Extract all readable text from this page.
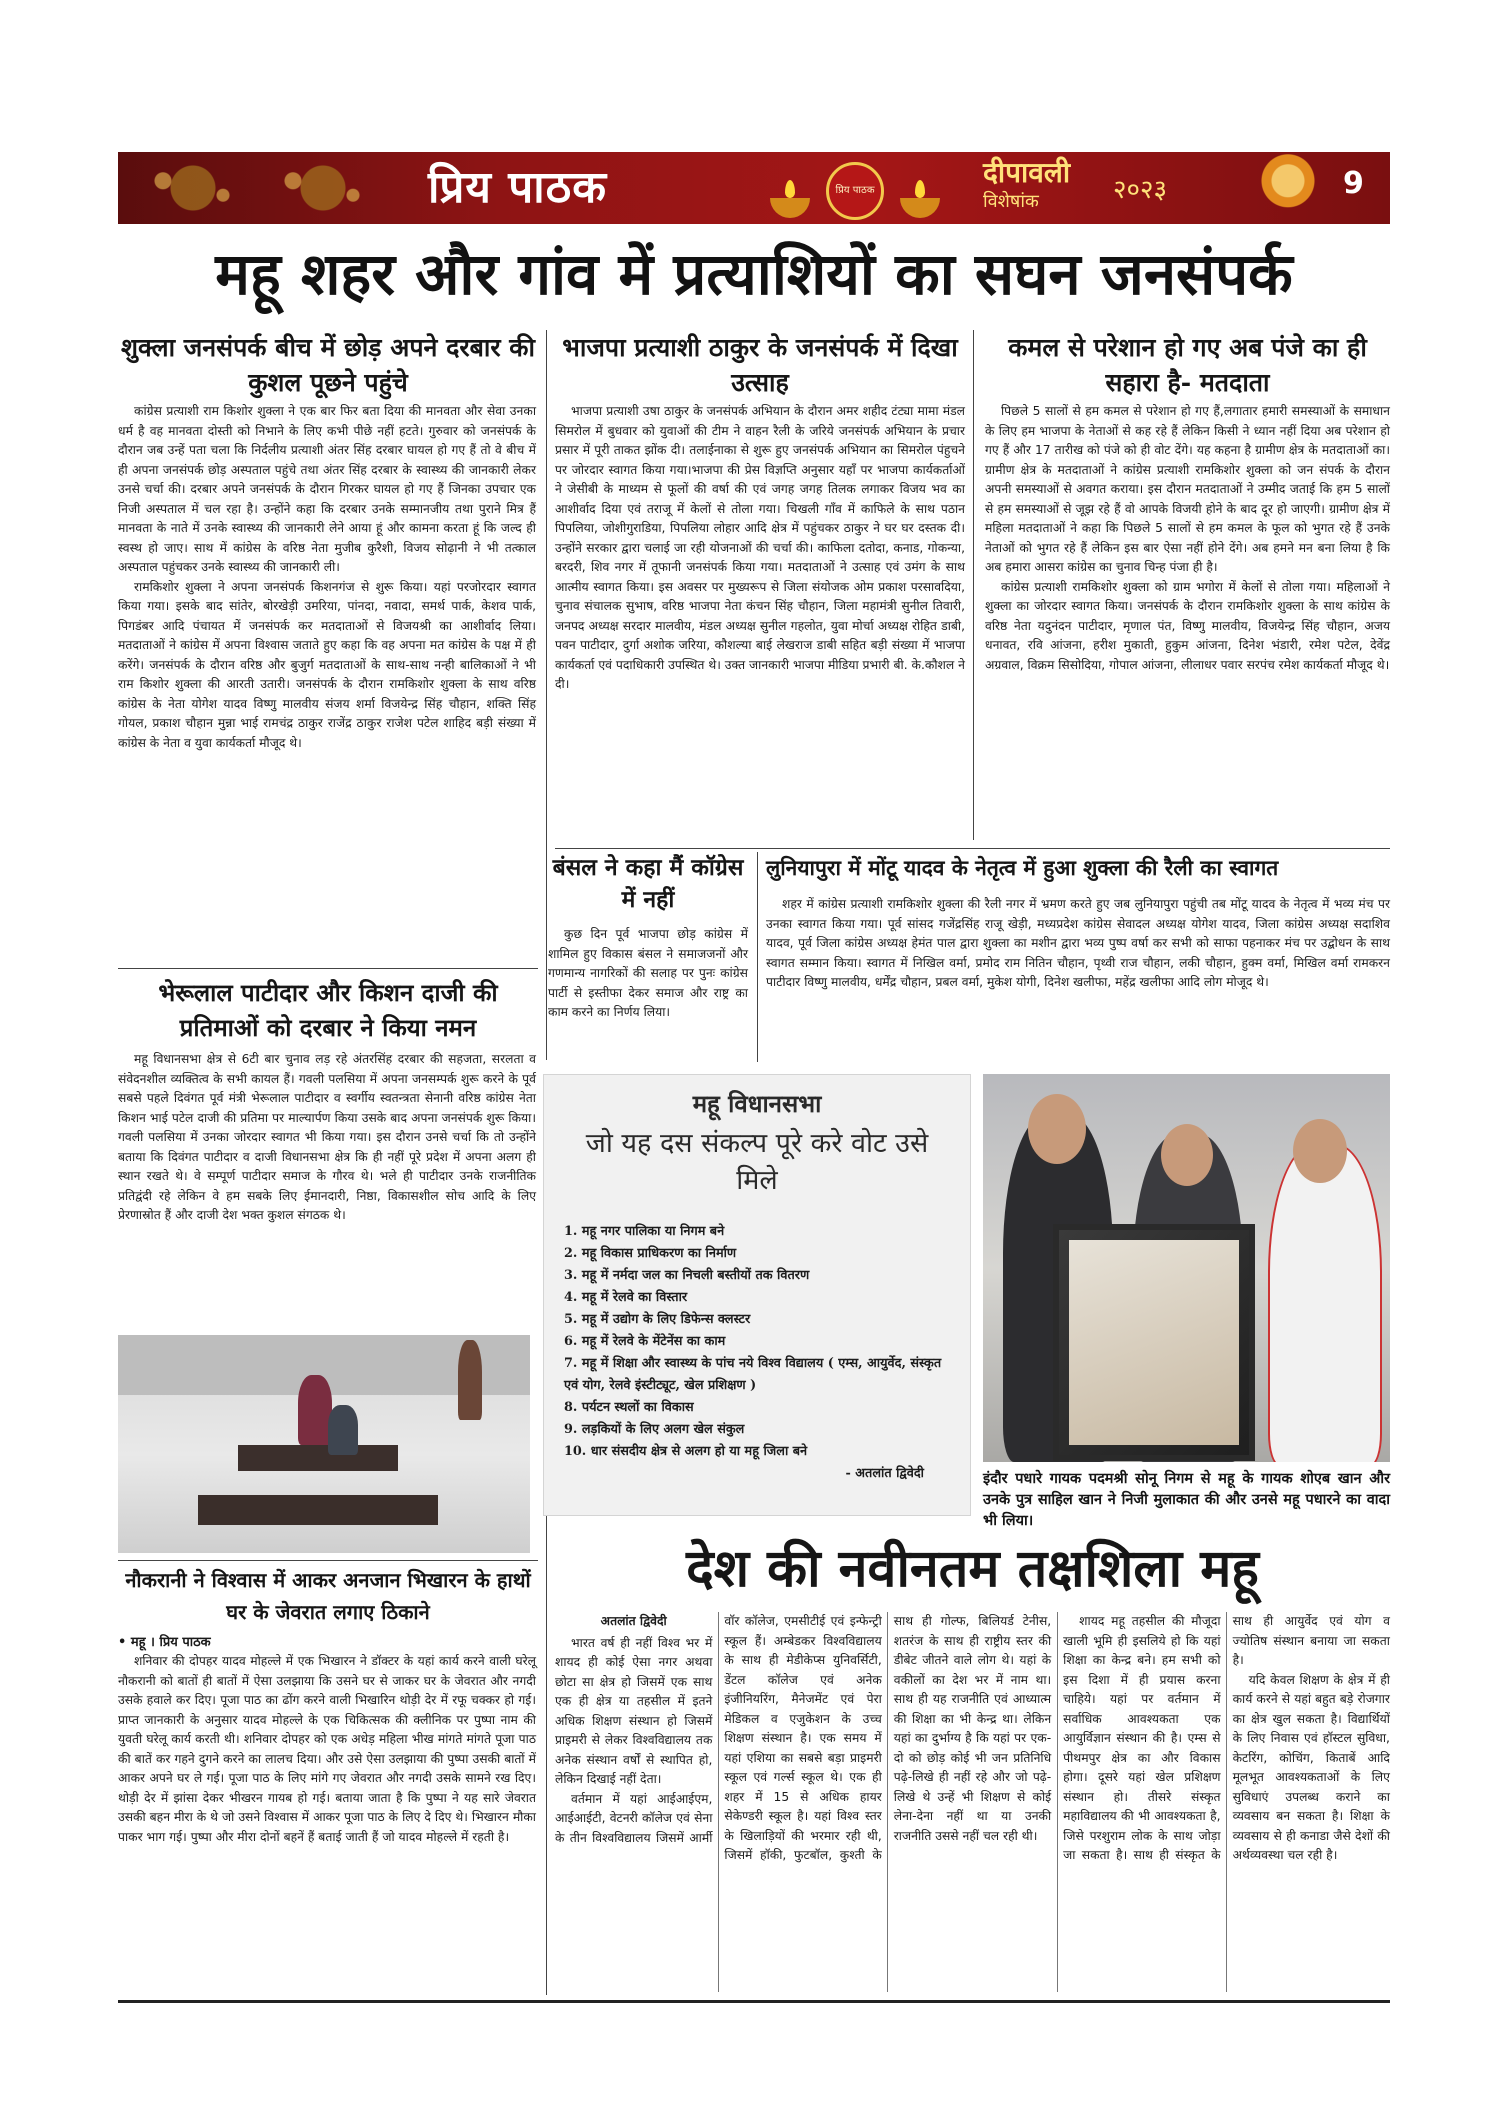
प्रिय पाठक	प्रिय पाठक
दीपावली
विशेषांक	२०२३	9
महू शहर और गांव में प्रत्याशियों का सघन जनसंपर्क
शुक्ला जनसंपर्क बीच में छोड़ अपने दरबार की कुशल पूछने पहुंचे

कांग्रेस प्रत्याशी राम किशोर शुक्ला ने एक बार फिर बता दिया की मानवता और सेवा उनका धर्म है वह मानवता दोस्ती को निभाने के लिए कभी पीछे नहीं हटते। गुरुवार को जनसंपर्क के दौरान जब उन्हें पता चला कि निर्दलीय प्रत्याशी अंतर सिंह दरबार घायल हो गए हैं तो वे बीच में ही अपना जनसंपर्क छोड़ अस्पताल पहुंचे तथा अंतर सिंह दरबार के स्वास्थ्य की जानकारी लेकर उनसे चर्चा की। दरबार अपने जनसंपर्क के दौरान गिरकर घायल हो गए हैं जिनका उपचार एक निजी अस्पताल में चल रहा है। उन्होंने कहा कि दरबार उनके सम्मानजीय तथा पुराने मित्र हैं मानवता के नाते में उनके स्वास्थ्य की जानकारी लेने आया हूं और कामना करता हूं कि जल्द ही स्वस्थ हो जाए। साथ में कांग्रेस के वरिष्ठ नेता मुजीब कुरैशी, विजय सोढ़ानी ने भी तत्काल अस्पताल पहुंचकर उनके स्वास्थ्य की जानकारी ली।

रामकिशोर शुक्ला ने अपना जनसंपर्क किशनगंज से शुरू किया। यहां परजोरदार स्वागत किया गया। इसके बाद सांतेर, बोरखेड़ी उमरिया, पांनदा, नवादा, समर्थ पार्क, केशव पार्क, पिगडंबर आदि पंचायत में जनसंपर्क कर मतदाताओं से विजयश्री का आशीर्वाद लिया। मतदाताओं ने कांग्रेस में अपना विश्वास जताते हुए कहा कि वह अपना मत कांग्रेस के पक्ष में ही करेंगे। जनसंपर्क के दौरान वरिष्ठ और बुजुर्ग मतदाताओं के साथ-साथ नन्ही बालिकाओं ने भी राम किशोर शुक्ला की आरती उतारी। जनसंपर्क के दौरान रामकिशोर शुक्ला के साथ वरिष्ठ कांग्रेस के नेता योगेश यादव विष्णु मालवीय संजय शर्मा विजयेन्द्र सिंह चौहान, शक्ति सिंह गोयल, प्रकाश चौहान मुन्ना भाई रामचंद्र ठाकुर राजेंद्र ठाकुर राजेश पटेल शाहिद बड़ी संख्या में कांग्रेस के नेता व युवा कार्यकर्ता मौजूद थे।

भाजपा प्रत्याशी ठाकुर के जनसंपर्क में दिखा उत्साह

भाजपा प्रत्याशी उषा ठाकुर के जनसंपर्क अभियान के दौरान अमर शहीद टंट्या मामा मंडल सिमरोल में बुधवार को युवाओं की टीम ने वाहन रैली के जरिये जनसंपर्क अभियान के प्रचार प्रसार में पूरी ताकत झोंक दी। तलाईनाका से शुरू हुए जनसंपर्क अभियान का सिमरोल पंहुचने पर जोरदार स्वागत किया गया।भाजपा की प्रेस विज्ञप्ति अनुसार यहाँ पर भाजपा कार्यकर्ताओं ने जेसीबी के माध्यम से फूलों की वर्षा की एवं जगह जगह तिलक लगाकर विजय भव का आशीर्वाद दिया एवं तराजू में केलों से तोला गया। चिखली गाँव में काफिले के साथ पठान पिपलिया, जोशीगुराडिया, पिपलिया लोहार आदि क्षेत्र में पहुंचकर ठाकुर ने घर घर दस्तक दी। उन्होंने सरकार द्वारा चलाई जा रही योजनाओं की चर्चा की। काफिला दतोदा, कनाड, गोकन्या, बरदरी, शिव नगर में तूफानी जनसंपर्क किया गया। मतदाताओं ने उत्साह एवं उमंग के साथ आत्मीय स्वागत किया। इस अवसर पर मुख्यरूप से जिला संयोजक ओम प्रकाश परसावदिया, चुनाव संचालक सुभाष, वरिष्ठ भाजपा नेता कंचन सिंह चौहान, जिला महामंत्री सुनील तिवारी, जनपद अध्यक्ष सरदार मालवीय, मंडल अध्यक्ष सुनील गहलोत, युवा मोर्चा अध्यक्ष रोहित डाबी, पवन पाटीदार, दुर्गा अशोक जरिया, कौशल्या बाई लेखराज डाबी सहित बड़ी संख्या में भाजपा कार्यकर्ता एवं पदाधिकारी उपस्थित थे। उक्त जानकारी भाजपा मीडिया प्रभारी बी. के.कौशल ने दी।

कमल से परेशान हो गए अब पंजे का ही सहारा है- मतदाता

पिछले 5 सालों से हम कमल से परेशान हो गए हैं,लगातार हमारी समस्याओं के समाधान के लिए हम भाजपा के नेताओं से कह रहे हैं लेकिन किसी ने ध्यान नहीं दिया अब परेशान हो गए हैं और 17 तारीख को पंजे को ही वोट देंगे। यह कहना है ग्रामीण क्षेत्र के मतदाताओं का। ग्रामीण क्षेत्र के मतदाताओं ने कांग्रेस प्रत्याशी रामकिशोर शुक्ला को जन संपर्क के दौरान अपनी समस्याओं से अवगत कराया। इस दौरान मतदाताओं ने उम्मीद जताई कि हम 5 सालों से हम समस्याओं से जूझ रहे हैं वो आपके विजयी होने के बाद दूर हो जाएगी। ग्रामीण क्षेत्र में महिला मतदाताओं ने कहा कि पिछले 5 सालों से हम कमल के फूल को भुगत रहे हैं उनके नेताओं को भुगत रहे हैं लेकिन इस बार ऐसा नहीं होने देंगे। अब हमने मन बना लिया है कि अब हमारा आसरा कांग्रेस का चुनाव चिन्ह पंजा ही है।

कांग्रेस प्रत्याशी रामकिशोर शुक्ला को ग्राम भगोरा में केलों से तोला गया। महिलाओं ने शुक्ला का जोरदार स्वागत किया। जनसंपर्क के दौरान रामकिशोर शुक्ला के साथ कांग्रेस के वरिष्ठ नेता यदुनंदन पाटीदार, मृणाल पंत, विष्णु मालवीय, विजयेन्द्र सिंह चौहान, अजय धनावत, रवि आंजना, हरीश मुकाती, हुकुम आंजना, दिनेश भंडारी, रमेश पटेल, देवेंद्र अग्रवाल, विक्रम सिसोदिया, गोपाल आंजना, लीलाधर पवार सरपंच रमेश कार्यकर्ता मौजूद थे।

बंसल ने कहा मैं कॉग्रेस में नहीं

कुछ दिन पूर्व भाजपा छोड़ कांग्रेस में शामिल हुए विकास बंसल ने समाजजनों और गणमान्य नागरिकों की सलाह पर पुनः कांग्रेस पार्टी से इस्तीफा देकर समाज और राष्ट्र का काम करने का निर्णय लिया।

लुनियापुरा में मोंटू यादव के नेतृत्व में हुआ शुक्ला की रैली का स्वागत

शहर में कांग्रेस प्रत्याशी रामकिशोर शुक्ला की रैली नगर में भ्रमण करते हुए जब लुनियापुरा पहुंची तब मोंटू यादव के नेतृत्व में भव्य मंच पर उनका स्वागत किया गया। पूर्व सांसद गजेंद्रसिंह राजू खेड़ी, मध्यप्रदेश कांग्रेस सेवादल अध्यक्ष योगेश यादव, जिला कांग्रेस अध्यक्ष सदाशिव यादव, पूर्व जिला कांग्रेस अध्यक्ष हेमंत पाल द्वारा शुक्ला का मशीन द्वारा भव्य पुष्प वर्षा कर सभी को साफा पहनाकर मंच पर उद्बोधन के साथ स्वागत सम्मान किया। स्वागत में निखिल वर्मा, प्रमोद राम नितिन चौहान, पृथ्वी राज चौहान, लकी चौहान, हुक्म वर्मा, मिखिल वर्मा रामकरन पाटीदार विष्णु मालवीय, धर्मेंद्र चौहान, प्रबल वर्मा, मुकेश योगी, दिनेश खलीफा, महेंद्र खलीफा आदि लोग मोजूद थे।

भेरूलाल पाटीदार और किशन दाजी की प्रतिमाओं को दरबार ने किया नमन

महू विधानसभा क्षेत्र से 6टी बार चुनाव लड़ रहे अंतरसिंह दरबार की सहजता, सरलता व संवेदनशील व्यक्तित्व के सभी कायल हैं। गवली पलसिया में अपना जनसम्पर्क शुरू करने के पूर्व सबसे पहले दिवंगत पूर्व मंत्री भेरूलाल पाटीदार व स्वर्गीय स्वतन्त्रता सेनानी वरिष्ठ कांग्रेस नेता किशन भाई पटेल दाजी की प्रतिमा पर माल्यार्पण किया उसके बाद अपना जनसंपर्क शुरू किया। गवली पलसिया में उनका जोरदार स्वागत भी किया गया। इस दौरान उनसे चर्चा कि तो उन्होंने बताया कि दिवंगत पाटीदार व दाजी विधानसभा क्षेत्र कि ही नहीं पूरे प्रदेश में अपना अलग ही स्थान रखते थे। वे सम्पूर्ण पाटीदार समाज के गौरव थे। भले ही पाटीदार उनके राजनीतिक प्रतिद्वंदी रहे लेकिन वे हम सबके लिए ईमानदारी, निष्ठा, विकासशील सोच आदि के लिए प्रेरणास्रोत हैं और दाजी देश भक्त कुशल संगठक थे।

नौकरानी ने विश्वास में आकर अनजान भिखारन के हाथों घर के जेवरात लगाए ठिकाने
• महू । प्रिय पाठक

शनिवार की दोपहर यादव मोहल्ले में एक भिखारन ने डॉक्टर के यहां कार्य करने वाली घरेलू नौकरानी को बातों ही बातों में ऐसा उलझाया कि उसने घर से जाकर घर के जेवरात और नगदी उसके हवाले कर दिए। पूजा पाठ का ढोंग करने वाली भिखारिन थोड़ी देर में रफू चक्कर हो गई। प्राप्त जानकारी के अनुसार यादव मोहल्ले के एक चिकित्सक की क्लीनिक पर पुष्पा नाम की युवती घरेलू कार्य करती थी। शनिवार दोपहर को एक अधेड़ महिला भीख मांगते मांगते पूजा पाठ की बातें कर गहने दुगने करने का लालच दिया। और उसे ऐसा उलझाया की पुष्पा उसकी बातों में आकर अपने घर ले गई। पूजा पाठ के लिए मांगे गए जेवरात और नगदी उसके सामने रख दिए। थोड़ी देर में झांसा देकर भीखरन गायब हो गई। बताया जाता है कि पुष्पा ने यह सारे जेवरात उसकी बहन मीरा के थे जो उसने विश्वास में आकर पूजा पाठ के लिए दे दिए थे। भिखारन मौका पाकर भाग गई। पुष्पा और मीरा दोनों बहनें हैं बताई जाती हैं जो यादव मोहल्ले में रहती है।

महू विधानसभा
जो यह दस संकल्प पूरे करे वोट उसे मिले
1. महू नगर पालिका या निगम बने
2. महू विकास प्राधिकरण का निर्माण
3. महू में नर्मदा जल का निचली बस्तीयों तक वितरण
4. महू में रेलवे का विस्तार
5. महू में उद्योग के लिए डिफेन्स क्लस्टर
6. महू में रेलवे के मेंटेनेंस का काम
7. महू में शिक्षा और स्वास्थ्य के पांच नये विश्व विद्यालय ( एम्स, आयुर्वेद, संस्कृत एवं योग, रेलवे इंस्टीट्यूट, खेल प्रशिक्षण )
8. पर्यटन स्थलों का विकास
9. लड़कियों के लिए अलग खेल संकुल
10. धार संसदीय क्षेत्र से अलग हो या महू जिला बने
- अतलांत द्विवेदी	इंदौर पधारे गायक पदमश्री सोनू निगम से महू के गायक शोएब खान और उनके पुत्र साहिल खान ने निजी मुलाकात की और उनसे महू पधारने का वादा भी लिया।
देश की नवीनतम तक्षशिला महू
अतलांत द्विवेदी

भारत वर्ष ही नहीं विश्व भर में शायद ही कोई ऐसा नगर अथवा छोटा सा क्षेत्र हो जिसमें एक साथ एक ही क्षेत्र या तहसील में इतने अधिक शिक्षण संस्थान हो जिसमें प्राइमरी से लेकर विश्वविद्यालय तक अनेक संस्थान वर्षों से स्थापित हो, लेकिन दिखाई नहीं देता।

वर्तमान में यहां आईआईएम, आईआईटी, वेटनरी कॉलेज एवं सेना के तीन विश्वविद्यालय जिसमें आर्मी वॉर कॉलेज, एमसीटीई एवं इन्फेन्ट्री स्कूल हैं। अम्बेडकर विश्वविद्यालय के साथ ही मेडीकेप्स युनिवर्सिटी, डेंटल कॉलेज एवं अनेक इंजीनियरिंग, मैनेजमेंट एवं पेरा मेडिकल व एजुकेशन के उच्च शिक्षण संस्थान है। एक समय में यहां एशिया का सबसे बड़ा प्राइमरी स्कूल एवं गर्ल्स स्कूल थे। एक ही शहर में 15 से अधिक हायर सेकेण्डरी स्कूल है। यहां विश्व स्तर के खिलाड़ियों की भरमार रही थी, जिसमें हॉकी, फुटबॉल, कुश्ती के साथ ही गोल्फ, बिलियर्ड टेनीस, शतरंज के साथ ही राष्ट्रीय स्तर की डीबेट जीतने वाले लोग थे। यहां के वकीलों का देश भर में नाम था। साथ ही यह राजनीति एवं आध्यात्म की शिक्षा का भी केन्द्र था। लेकिन यहां का दुर्भाग्य है कि यहां पर एक-दो को छोड़ कोई भी जन प्रतिनिधि पढ़े-लिखे ही नहीं रहे और जो पढ़े-लिखे थे उन्हें भी शिक्षण से कोई लेना-देना नहीं था या उनकी राजनीति उससे नहीं चल रही थी।

शायद महू तहसील की मौजूदा खाली भूमि ही इसलिये हो कि यहां शिक्षा का केन्द्र बने। हम सभी को इस दिशा में ही प्रयास करना चाहिये। यहां पर वर्तमान में सर्वाधिक आवश्यकता एक आयुर्विज्ञान संस्थान की है। एम्स से पीथमपुर क्षेत्र का और विकास होगा। दूसरे यहां खेल प्रशिक्षण संस्थान हो। तीसरे संस्कृत महाविद्यालय की भी आवश्यकता है, जिसे परशुराम लोक के साथ जोड़ा जा सकता है। साथ ही संस्कृत के साथ ही आयुर्वेद एवं योग व ज्योतिष संस्थान बनाया जा सकता है।

यदि केवल शिक्षण के क्षेत्र में ही कार्य करने से यहां बहुत बड़े रोजगार का क्षेत्र खुल सकता है। विद्यार्थियों के लिए निवास एवं हॉस्टल सुविधा, केटरिंग, कोचिंग, किताबें आदि मूलभूत आवश्यकताओं के लिए सुविधाएं उपलब्ध कराने का व्यवसाय बन सकता है। शिक्षा के व्यवसाय से ही कनाडा जैसे देशों की अर्थव्यवस्था चल रही है।
